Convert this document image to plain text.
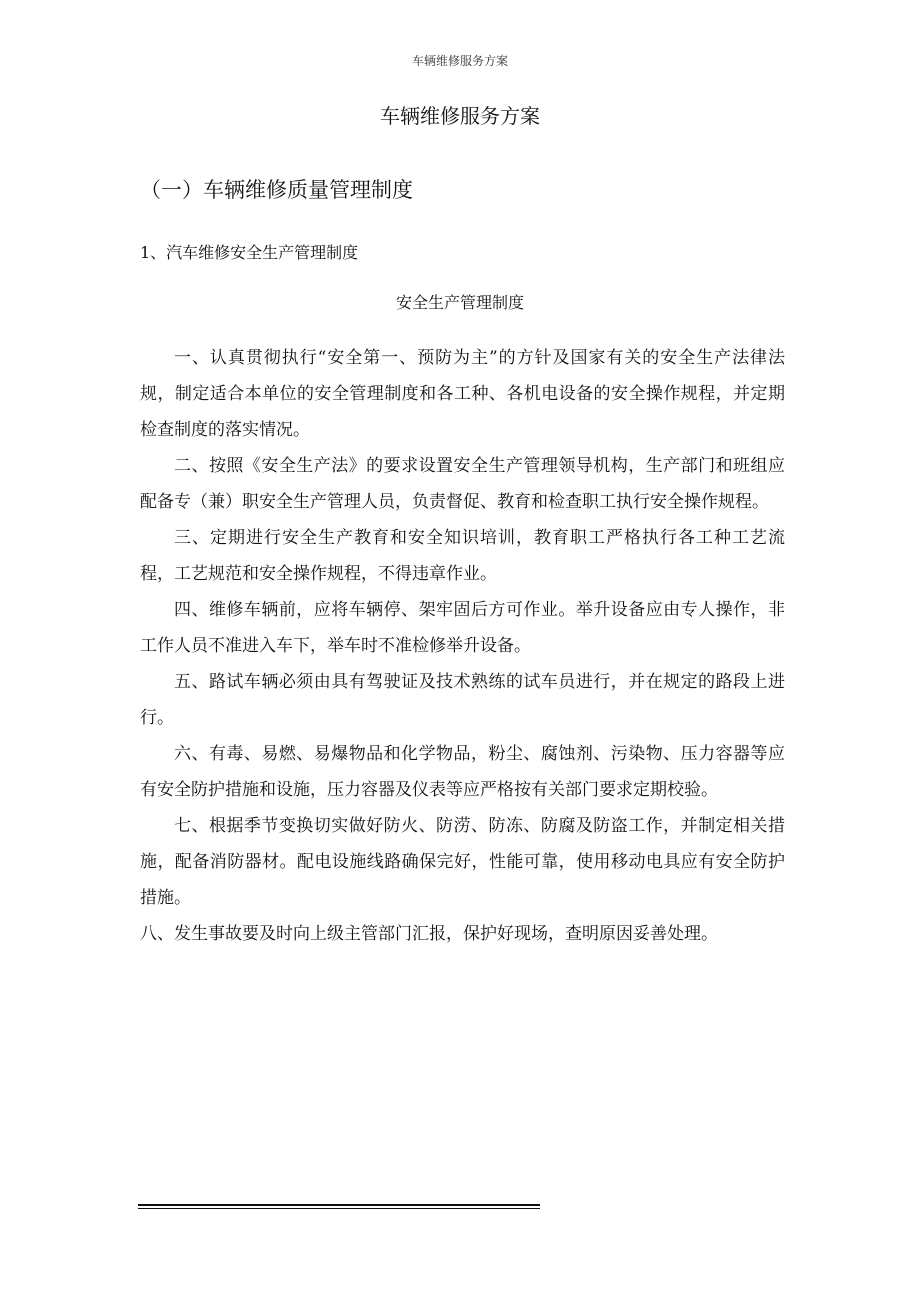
车辆维修服务方案
车辆维修服务方案
（一）车辆维修质量管理制度
1、汽车维修安全生产管理制度
安全生产管理制度

一、认真贯彻执行“安全第一、预防为主”的方针及国家有关的安全生产法律法规，制定适合本单位的安全管理制度和各工种、各机电设备的安全操作规程，并定期检查制度的落实情况。

二、按照《安全生产法》的要求设置安全生产管理领导机构，生产部门和班组应配备专（兼）职安全生产管理人员，负责督促、教育和检查职工执行安全操作规程。

三、定期进行安全生产教育和安全知识培训，教育职工严格执行各工种工艺流程，工艺规范和安全操作规程，不得违章作业。

四、维修车辆前，应将车辆停、架牢固后方可作业。举升设备应由专人操作，非工作人员不准进入车下，举车时不准检修举升设备。

五、路试车辆必须由具有驾驶证及技术熟练的试车员进行，并在规定的路段上进行。

六、有毒、易燃、易爆物品和化学物品，粉尘、腐蚀剂、污染物、压力容器等应有安全防护措施和设施，压力容器及仪表等应严格按有关部门要求定期校验。

七、根据季节变换切实做好防火、防涝、防冻、防腐及防盗工作，并制定相关措施，配备消防器材。配电设施线路确保完好，性能可靠，使用移动电具应有安全防护措施。

八、发生事故要及时向上级主管部门汇报，保护好现场，查明原因妥善处理。
